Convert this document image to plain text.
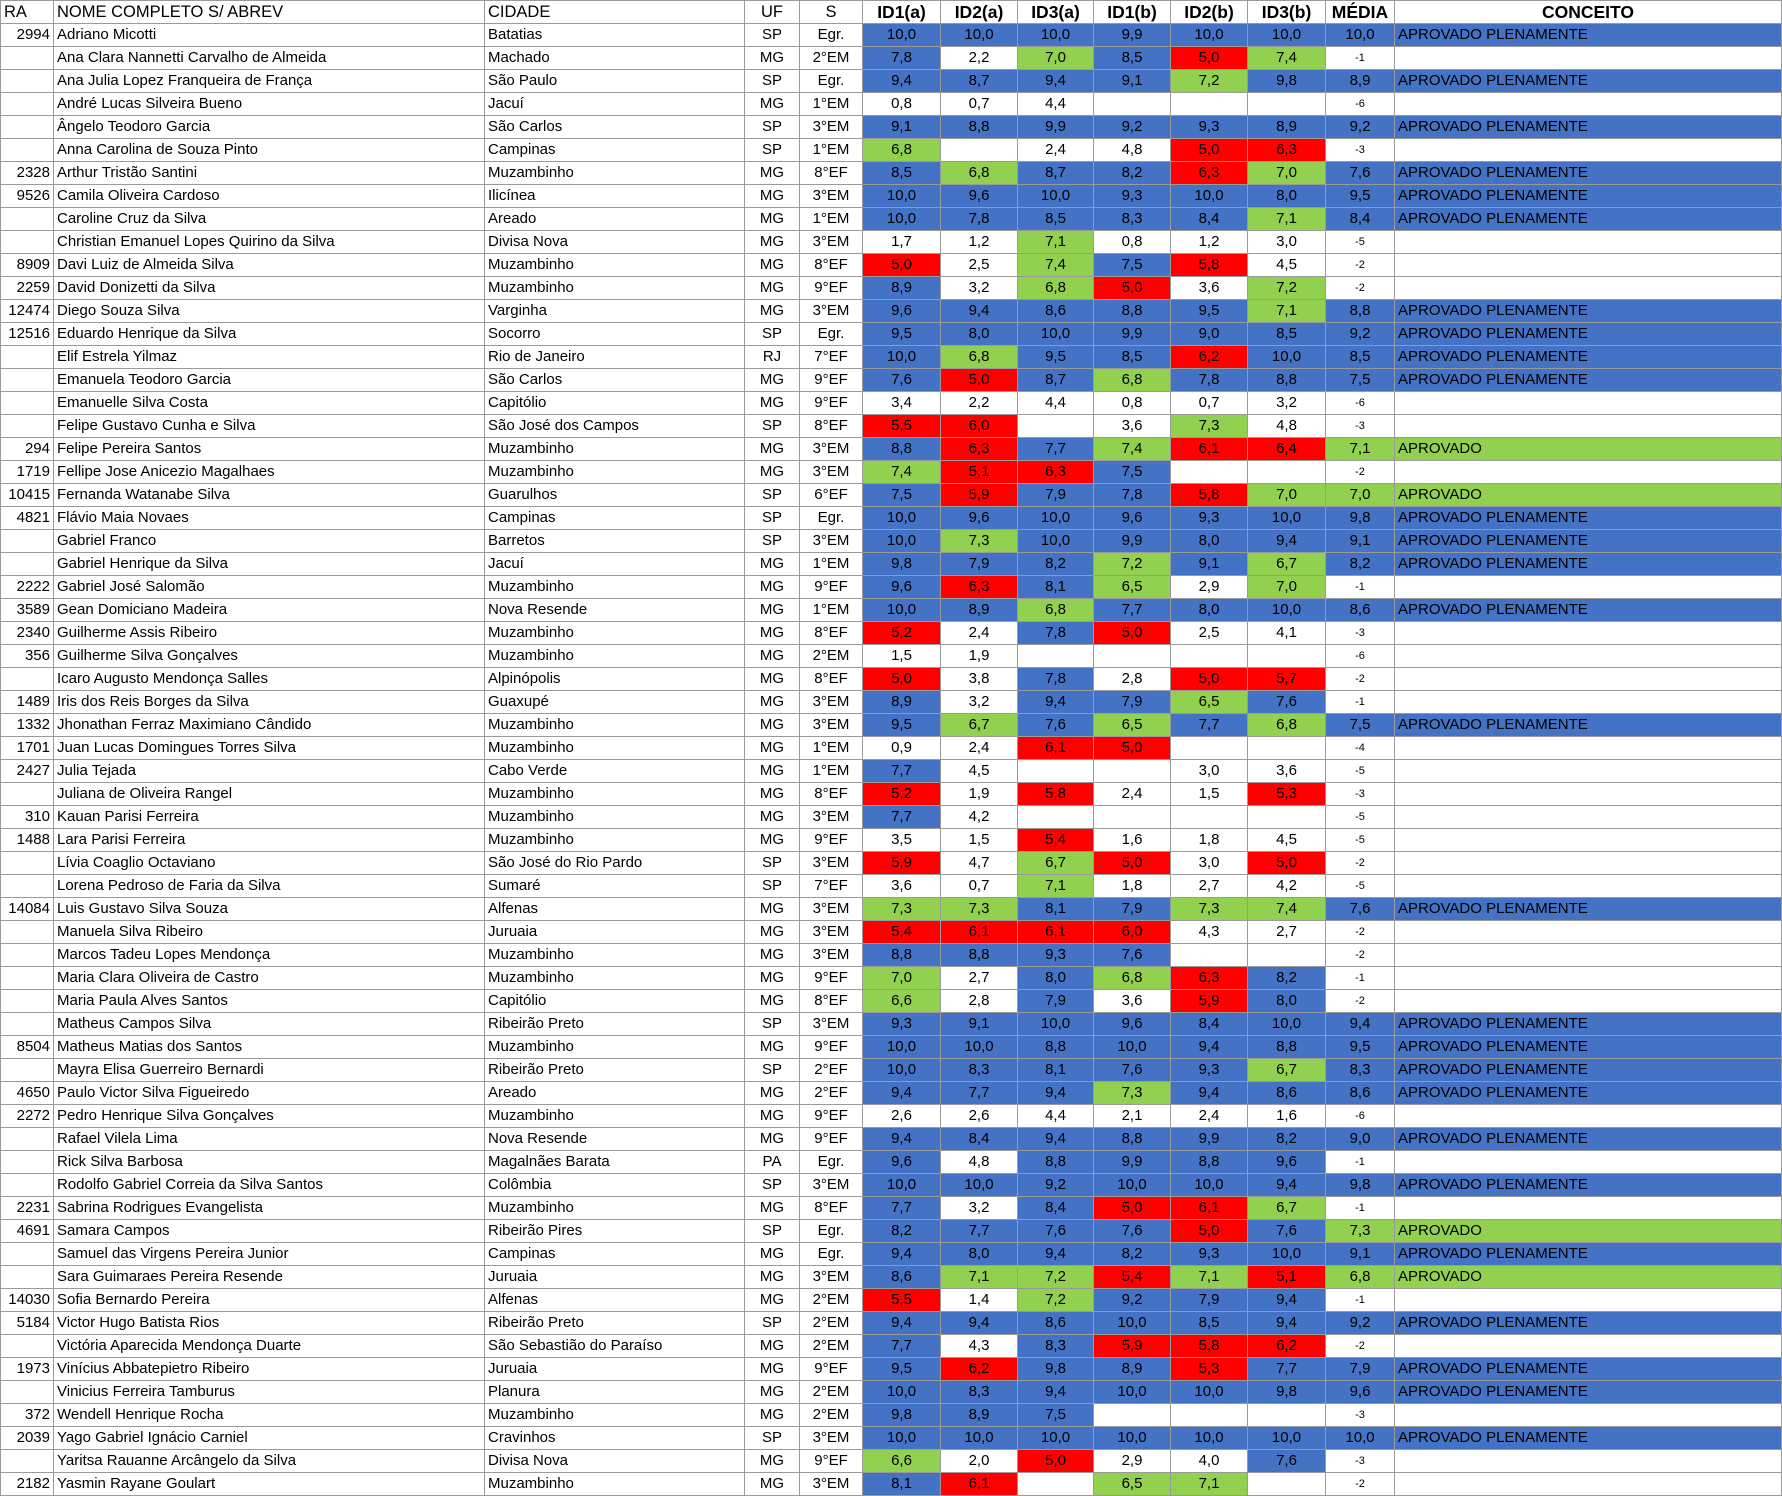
RA	NOME COMPLETO S/ ABREV	CIDADE	UF	S	ID1(a)	ID2(a)	ID3(a)	ID1(b)	ID2(b)	ID3(b)	MÉDIA	CONCEITO
2994	Adriano Micotti	Batatias	SP	Egr.	10,0	10,0	10,0	9,9	10,0	10,0	10,0	APROVADO PLENAMENTE
	Ana Clara Nannetti Carvalho de Almeida	Machado	MG	2°EM	7,8	2,2	7,0	8,5	5,0	7,4	-1	
	Ana Julia Lopez Franqueira de França	São Paulo	SP	Egr.	9,4	8,7	9,4	9,1	7,2	9,8	8,9	APROVADO PLENAMENTE
	André Lucas Silveira Bueno	Jacuí	MG	1°EM	0,8	0,7	4,4				-6	
	Ângelo Teodoro Garcia	São Carlos	SP	3°EM	9,1	8,8	9,9	9,2	9,3	8,9	9,2	APROVADO PLENAMENTE
	Anna Carolina de Souza Pinto	Campinas	SP	1°EM	6,8		2,4	4,8	5,0	6,3	-3	
2328	Arthur Tristão Santini	Muzambinho	MG	8°EF	8,5	6,8	8,7	8,2	6,3	7,0	7,6	APROVADO PLENAMENTE
9526	Camila Oliveira Cardoso	Ilicínea	MG	3°EM	10,0	9,6	10,0	9,3	10,0	8,0	9,5	APROVADO PLENAMENTE
	Caroline Cruz da Silva	Areado	MG	1°EM	10,0	7,8	8,5	8,3	8,4	7,1	8,4	APROVADO PLENAMENTE
	Christian Emanuel Lopes Quirino da Silva	Divisa Nova	MG	3°EM	1,7	1,2	7,1	0,8	1,2	3,0	-5	
8909	Davi Luiz de Almeida Silva	Muzambinho	MG	8°EF	5,0	2,5	7,4	7,5	5,8	4,5	-2	
2259	David Donizetti da Silva	Muzambinho	MG	9°EF	8,9	3,2	6,8	5,0	3,6	7,2	-2	
12474	Diego Souza Silva	Varginha	MG	3°EM	9,6	9,4	8,6	8,8	9,5	7,1	8,8	APROVADO PLENAMENTE
12516	Eduardo Henrique da Silva	Socorro	SP	Egr.	9,5	8,0	10,0	9,9	9,0	8,5	9,2	APROVADO PLENAMENTE
	Elif Estrela Yilmaz	Rio de Janeiro	RJ	7°EF	10,0	6,8	9,5	8,5	6,2	10,0	8,5	APROVADO PLENAMENTE
	Emanuela Teodoro Garcia	São Carlos	MG	9°EF	7,6	5,0	8,7	6,8	7,8	8,8	7,5	APROVADO PLENAMENTE
	Emanuelle Silva Costa	Capitólio	MG	9°EF	3,4	2,2	4,4	0,8	0,7	3,2	-6	
	Felipe Gustavo Cunha e Silva	São José dos Campos	SP	8°EF	5,5	6,0		3,6	7,3	4,8	-3	
294	Felipe Pereira Santos	Muzambinho	MG	3°EM	8,8	6,3	7,7	7,4	6,1	6,4	7,1	APROVADO
1719	Fellipe Jose Anicezio Magalhaes	Muzambinho	MG	3°EM	7,4	5,1	6,3	7,5			-2	
10415	Fernanda Watanabe Silva	Guarulhos	SP	6°EF	7,5	5,9	7,9	7,8	5,8	7,0	7,0	APROVADO
4821	Flávio Maia Novaes	Campinas	SP	Egr.	10,0	9,6	10,0	9,6	9,3	10,0	9,8	APROVADO PLENAMENTE
	Gabriel Franco	Barretos	SP	3°EM	10,0	7,3	10,0	9,9	8,0	9,4	9,1	APROVADO PLENAMENTE
	Gabriel Henrique da Silva	Jacuí	MG	1°EM	9,8	7,9	8,2	7,2	9,1	6,7	8,2	APROVADO PLENAMENTE
2222	Gabriel José Salomão	Muzambinho	MG	9°EF	9,6	6,3	8,1	6,5	2,9	7,0	-1	
3589	Gean Domiciano Madeira	Nova Resende	MG	1°EM	10,0	8,9	6,8	7,7	8,0	10,0	8,6	APROVADO PLENAMENTE
2340	Guilherme Assis Ribeiro	Muzambinho	MG	8°EF	5,2	2,4	7,8	5,0	2,5	4,1	-3	
356	Guilherme Silva Gonçalves	Muzambinho	MG	2°EM	1,5	1,9					-6	
	Icaro Augusto Mendonça Salles	Alpinópolis	MG	8°EF	5,0	3,8	7,8	2,8	5,0	5,7	-2	
1489	Iris dos Reis Borges da Silva	Guaxupé	MG	3°EM	8,9	3,2	9,4	7,9	6,5	7,6	-1	
1332	Jhonathan Ferraz Maximiano Cândido	Muzambinho	MG	3°EM	9,5	6,7	7,6	6,5	7,7	6,8	7,5	APROVADO PLENAMENTE
1701	Juan Lucas Domingues Torres Silva	Muzambinho	MG	1°EM	0,9	2,4	6,1	5,0			-4	
2427	Julia Tejada	Cabo Verde	MG	1°EM	7,7	4,5			3,0	3,6	-5	
	Juliana de Oliveira Rangel	Muzambinho	MG	8°EF	5,2	1,9	5,8	2,4	1,5	5,3	-3	
310	Kauan Parisi Ferreira	Muzambinho	MG	3°EM	7,7	4,2					-5	
1488	Lara Parisi Ferreira	Muzambinho	MG	9°EF	3,5	1,5	5,4	1,6	1,8	4,5	-5	
	Lívia Coaglio Octaviano	São José do Rio Pardo	SP	3°EM	5,9	4,7	6,7	5,0	3,0	5,0	-2	
	Lorena Pedroso de Faria da Silva	Sumaré	SP	7°EF	3,6	0,7	7,1	1,8	2,7	4,2	-5	
14084	Luis Gustavo Silva Souza	Alfenas	MG	3°EM	7,3	7,3	8,1	7,9	7,3	7,4	7,6	APROVADO PLENAMENTE
	Manuela Silva Ribeiro	Juruaia	MG	3°EM	5,4	6,1	6,1	6,0	4,3	2,7	-2	
	Marcos Tadeu Lopes Mendonça	Muzambinho	MG	3°EM	8,8	8,8	9,3	7,6			-2	
	Maria Clara Oliveira de Castro	Muzambinho	MG	9°EF	7,0	2,7	8,0	6,8	6,3	8,2	-1	
	Maria Paula Alves Santos	Capitólio	MG	8°EF	6,6	2,8	7,9	3,6	5,9	8,0	-2	
	Matheus Campos Silva	Ribeirão Preto	SP	3°EM	9,3	9,1	10,0	9,6	8,4	10,0	9,4	APROVADO PLENAMENTE
8504	Matheus Matias dos Santos	Muzambinho	MG	9°EF	10,0	10,0	8,8	10,0	9,4	8,8	9,5	APROVADO PLENAMENTE
	Mayra Elisa Guerreiro Bernardi	Ribeirão Preto	SP	2°EF	10,0	8,3	8,1	7,6	9,3	6,7	8,3	APROVADO PLENAMENTE
4650	Paulo Victor Silva Figueiredo	Areado	MG	2°EF	9,4	7,7	9,4	7,3	9,4	8,6	8,6	APROVADO PLENAMENTE
2272	Pedro Henrique Silva Gonçalves	Muzambinho	MG	9°EF	2,6	2,6	4,4	2,1	2,4	1,6	-6	
	Rafael Vilela Lima	Nova Resende	MG	9°EF	9,4	8,4	9,4	8,8	9,9	8,2	9,0	APROVADO PLENAMENTE
	Rick Silva Barbosa	Magalnães Barata	PA	Egr.	9,6	4,8	8,8	9,9	8,8	9,6	-1	
	Rodolfo Gabriel Correia da Silva Santos	Colômbia	SP	3°EM	10,0	10,0	9,2	10,0	10,0	9,4	9,8	APROVADO PLENAMENTE
2231	Sabrina Rodrigues Evangelista	Muzambinho	MG	8°EF	7,7	3,2	8,4	5,0	6,1	6,7	-1	
4691	Samara Campos	Ribeirão Pires	SP	Egr.	8,2	7,7	7,6	7,6	5,0	7,6	7,3	APROVADO
	Samuel das Virgens Pereira Junior	Campinas	MG	Egr.	9,4	8,0	9,4	8,2	9,3	10,0	9,1	APROVADO PLENAMENTE
	Sara Guimaraes Pereira Resende	Juruaia	MG	3°EM	8,6	7,1	7,2	5,4	7,1	5,1	6,8	APROVADO
14030	Sofia Bernardo Pereira	Alfenas	MG	2°EM	5,5	1,4	7,2	9,2	7,9	9,4	-1	
5184	Victor Hugo Batista Rios	Ribeirão Preto	SP	2°EM	9,4	9,4	8,6	10,0	8,5	9,4	9,2	APROVADO PLENAMENTE
	Victória Aparecida Mendonça Duarte	São Sebastião do Paraíso	MG	2°EM	7,7	4,3	8,3	5,9	5,8	6,2	-2	
1973	Vinícius Abbatepietro Ribeiro	Juruaia	MG	9°EF	9,5	6,2	9,8	8,9	5,3	7,7	7,9	APROVADO PLENAMENTE
	Vinicius Ferreira Tamburus	Planura	MG	2°EM	10,0	8,3	9,4	10,0	10,0	9,8	9,6	APROVADO PLENAMENTE
372	Wendell Henrique Rocha	Muzambinho	MG	2°EM	9,8	8,9	7,5				-3	
2039	Yago Gabriel Ignácio Carniel	Cravinhos	SP	3°EM	10,0	10,0	10,0	10,0	10,0	10,0	10,0	APROVADO PLENAMENTE
	Yaritsa Rauanne Arcângelo da Silva	Divisa Nova	MG	9°EF	6,6	2,0	5,0	2,9	4,0	7,6	-3	
2182	Yasmin Rayane Goulart	Muzambinho	MG	3°EM	8,1	6,1		6,5	7,1		-2	
